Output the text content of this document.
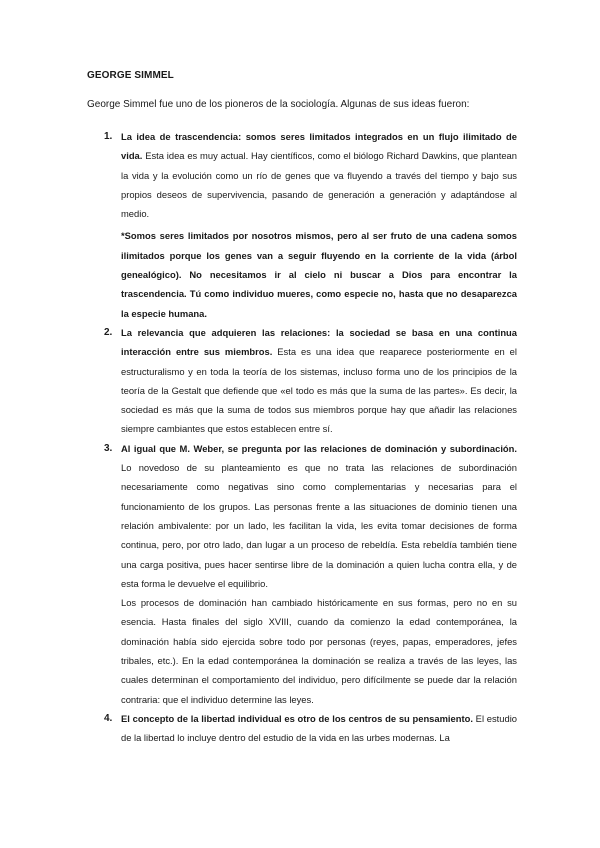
GEORGE SIMMEL
George Simmel fue uno de los pioneros de la sociología. Algunas de sus ideas fueron:
1. La idea de trascendencia: somos seres limitados integrados en un flujo ilimitado de vida. Esta idea es muy actual. Hay científicos, como el biólogo Richard Dawkins, que plantean la vida y la evolución como un río de genes que va fluyendo a través del tiempo y bajo sus propios deseos de supervivencia, pasando de generación a generación y adaptándose al medio.

*Somos seres limitados por nosotros mismos, pero al ser fruto de una cadena somos ilimitados porque los genes van a seguir fluyendo en la corriente de la vida (árbol genealógico). No necesitamos ir al cielo ni buscar a Dios para encontrar la trascendencia. Tú como individuo mueres, como especie no, hasta que no desaparezca la especie humana.

2. La relevancia que adquieren las relaciones: la sociedad se basa en una continua interacción entre sus miembros. Esta es una idea que reaparece posteriormente en el estructuralismo y en toda la teoría de los sistemas, incluso forma uno de los principios de la teoría de la Gestalt que defiende que «el todo es más que la suma de las partes». Es decir, la sociedad es más que la suma de todos sus miembros porque hay que añadir las relaciones siempre cambiantes que estos establecen entre sí.

3. Al igual que M. Weber, se pregunta por las relaciones de dominación y subordinación. Lo novedoso de su planteamiento es que no trata las relaciones de subordinación necesariamente como negativas sino como complementarias y necesarias para el funcionamiento de los grupos. Las personas frente a las situaciones de dominio tienen una relación ambivalente: por un lado, les facilitan la vida, les evita tomar decisiones de forma continua, pero, por otro lado, dan lugar a un proceso de rebeldía. Esta rebeldía también tiene una carga positiva, pues hacer sentirse libre de la dominación a quien lucha contra ella, y de esta forma le devuelve el equilibrio.

Los procesos de dominación han cambiado históricamente en sus formas, pero no en su esencia. Hasta finales del siglo XVIII, cuando da comienzo la edad contemporánea, la dominación había sido ejercida sobre todo por personas (reyes, papas, emperadores, jefes tribales, etc.). En la edad contemporánea la dominación se realiza a través de las leyes, las cuales determinan el comportamiento del individuo, pero difícilmente se puede dar la relación contraria: que el individuo determine las leyes.

4. El concepto de la libertad individual es otro de los centros de su pensamiento. El estudio de la libertad lo incluye dentro del estudio de la vida en las urbes modernas. La
